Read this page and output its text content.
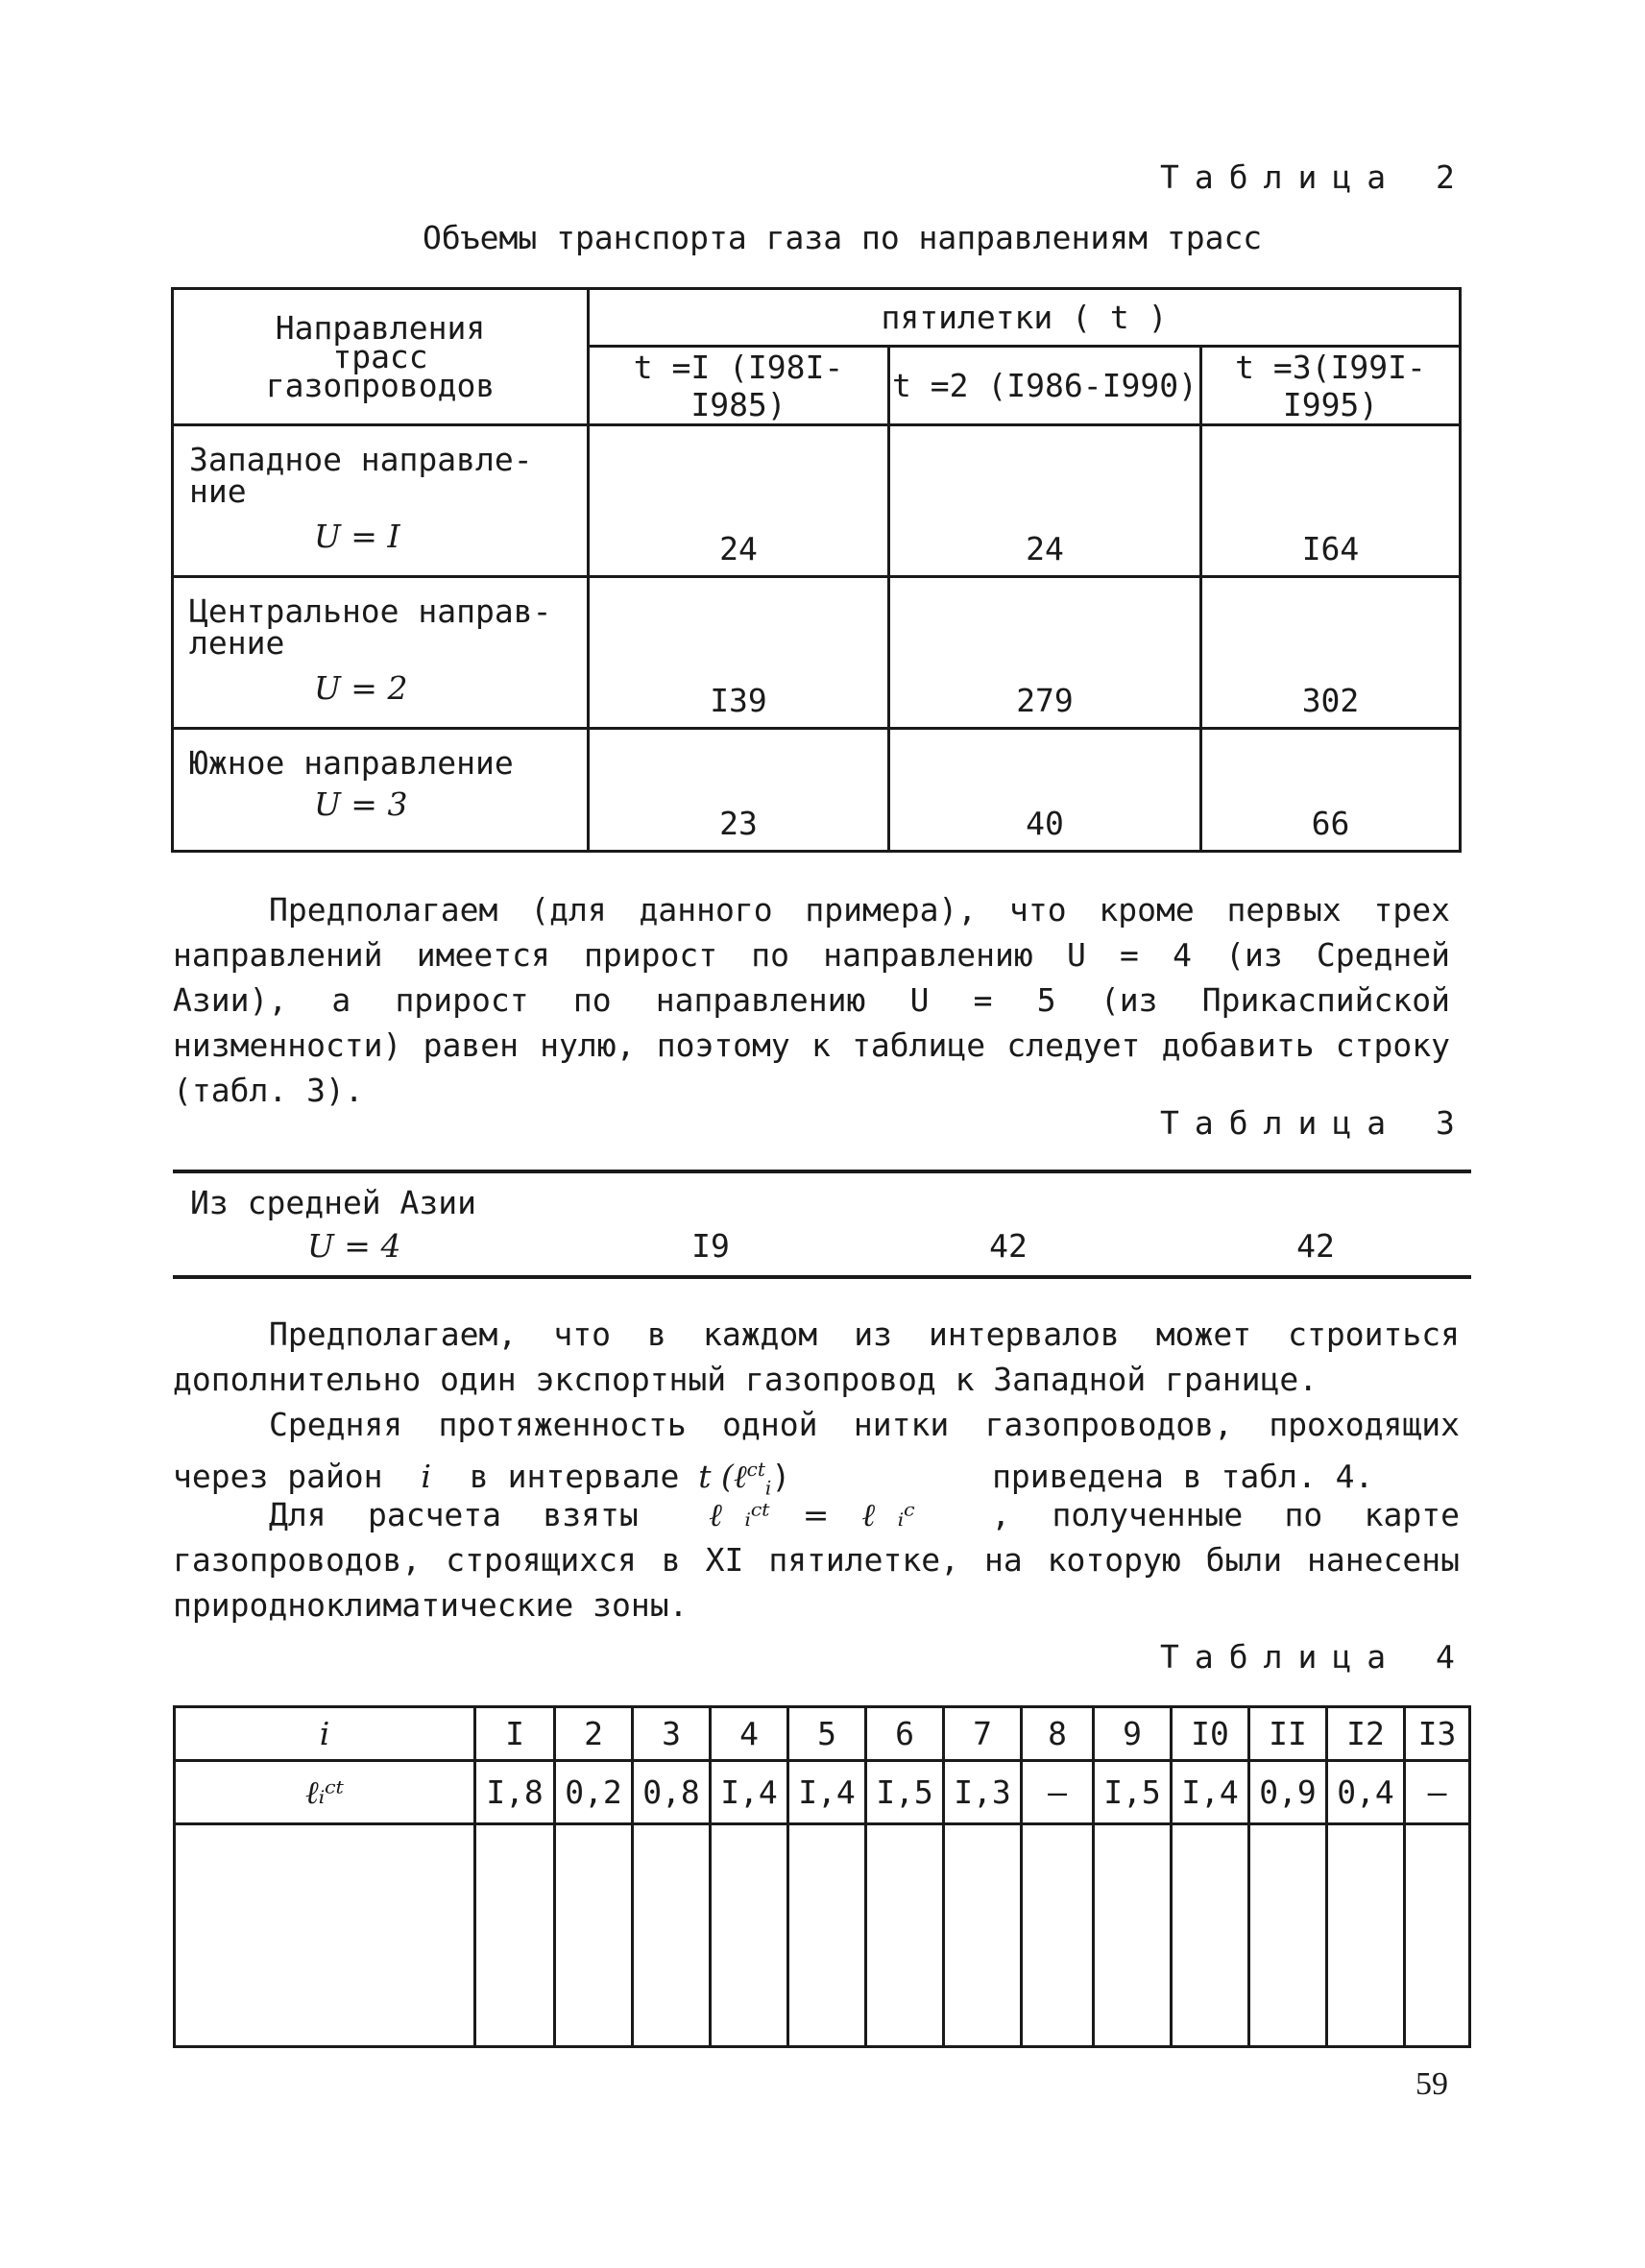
Таблица 2
Объемы транспорта газа по направлениям трасс
Направления трасс газопроводов	пятилетки ( t )		
	t =I (I98I-I985)	t =2 (I986-I990)	t =3(I99I-I995)
Западное направле- ние
U = I	24	24	I64
Центральное направ- ление
U = 2	I39	279	302
Южное направление
U = 3	23	40	66
Предполагаем (для данного примера), что кроме первых трех направлений имеется прирост по направлению U = 4 (из Средней Азии), а прирост по направлению U = 5 (из Прикаспийской низменности) равен нулю, поэтому к таблице следует добавить строку (табл. 3).
Таблица 3
Из средней Азии
U = 4	I9	42	42
Предполагаем, что в каждом из интервалов может строиться дополнительно один экспортный газопровод к Западной границе.
Средняя протяженность одной нитки газопроводов, проходящих через район i в интервале t (ℓ$^{ct}_i$)	приведена в табл. 4.
Для расчета взяты ℓᵢᶜᵗ = ℓᵢᶜ , полученные по карте газопроводов, строящихся в XI пятилетке, на которую были нанесены природноклиматические зоны.
Таблица 4
i	I	2	3	4	5	6	7	8	9	I0	II	I2	I3
ℓᵢᶜᵗ	I,8	0,2	0,8	I,4	I,4	I,5	I,3	–	I,5	I,4	0,9	0,4	–

59
